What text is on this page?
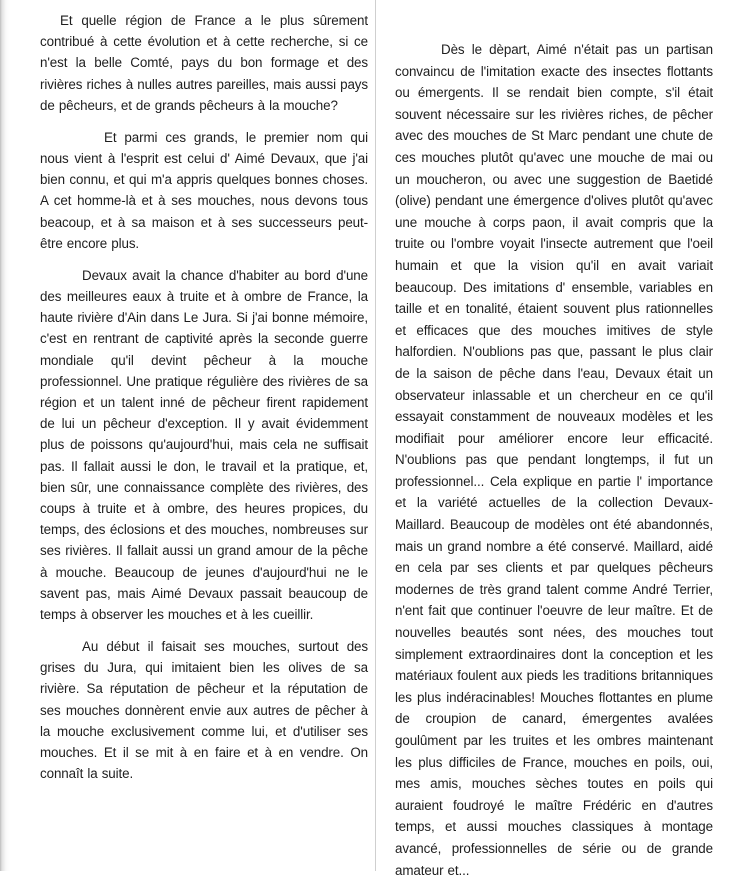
Et quelle région de France a le plus sûrement contribué à cette évolution et à cette recherche, si ce n'est la belle Comté, pays du bon formage et des rivières riches à nulles autres pareilles, mais aussi pays de pêcheurs, et de grands pêcheurs à la mouche?

Et parmi ces grands, le premier nom qui nous vient à l'esprit est celui d' Aimé Devaux, que j'ai bien connu, et qui m'a appris quelques bonnes choses. A cet homme-là et à ses mouches, nous devons tous beacoup, et à sa maison et à ses successeurs peut-être encore plus.

Devaux avait la chance d'habiter au bord d'une des meilleures eaux à truite et à ombre de France, la haute rivière d'Ain dans Le Jura. Si j'ai bonne mémoire, c'est en rentrant de captivité après la seconde guerre mondiale qu'il devint pêcheur à la mouche professionnel. Une pratique régulière des rivières de sa région et un talent inné de pêcheur firent rapidement de lui un pêcheur d'exception. Il y avait évidemment plus de poissons qu'aujourd'hui, mais cela ne suffisait pas. Il fallait aussi le don, le travail et la pratique, et, bien sûr, une connaissance complète des rivières, des coups à truite et à ombre, des heures propices, du temps, des éclosions et des mouches, nombreuses sur ses rivières. Il fallait aussi un grand amour de la pêche à mouche. Beaucoup de jeunes d'aujourd'hui ne le savent pas, mais Aimé Devaux passait beaucoup de temps à observer les mouches et à les cueillir.

Au début il faisait ses mouches, surtout des grises du Jura, qui imitaient bien les olives de sa rivière. Sa réputation de pêcheur et la réputation de ses mouches donnèrent envie aux autres de pêcher à la mouche exclusivement comme lui, et d'utiliser ses mouches. Et il se mit à en faire et à en vendre. On connaît la suite.

Dès le dèpart, Aimé n'était pas un partisan convaincu de l'imitation exacte des insectes flottants ou émergents. Il se rendait bien compte, s'il était souvent nécessaire sur les rivières riches, de pêcher avec des mouches de St Marc pendant une chute de ces mouches plutôt qu'avec une mouche de mai ou un moucheron, ou avec une suggestion de Baetidé (olive) pendant une émergence d'olives plutôt qu'avec une mouche à corps paon, il avait compris que la truite ou l'ombre voyait l'insecte autrement que l'oeil humain et que la vision qu'il en avait variait beaucoup. Des imitations d' ensemble, variables en taille et en tonalité, étaient souvent plus rationnelles et efficaces que des mouches imitives de style halfordien. N'oublions pas que, passant le plus clair de la saison de pêche dans l'eau, Devaux était un observateur inlassable et un chercheur en ce qu'il essayait constamment de nouveaux modèles et les modifiait pour améliorer encore leur efficacité. N'oublions pas que pendant longtemps, il fut un professionnel... Cela explique en partie l' importance et la variété actuelles de la collection Devaux-Maillard. Beaucoup de modèles ont été abandonnés, mais un grand nombre a été conservé. Maillard, aidé en cela par ses clients et par quelques pêcheurs modernes de très grand talent comme André Terrier, n'ent fait que continuer l'oeuvre de leur maître. Et de nouvelles beautés sont nées, des mouches tout simplement extraordinaires dont la conception et les matériaux foulent aux pieds les traditions britanniques les plus indéracinables! Mouches flottantes en plume de croupion de canard, émergentes avalées goulûment par les truites et les ombres maintenant les plus difficiles de France, mouches en poils, oui, mes amis, mouches sèches toutes en poils qui auraient foudroyé le maître Frédéric en d'autres temps, et aussi mouches classiques à montage avancé, professionnelles de série ou de grande amateur et...
